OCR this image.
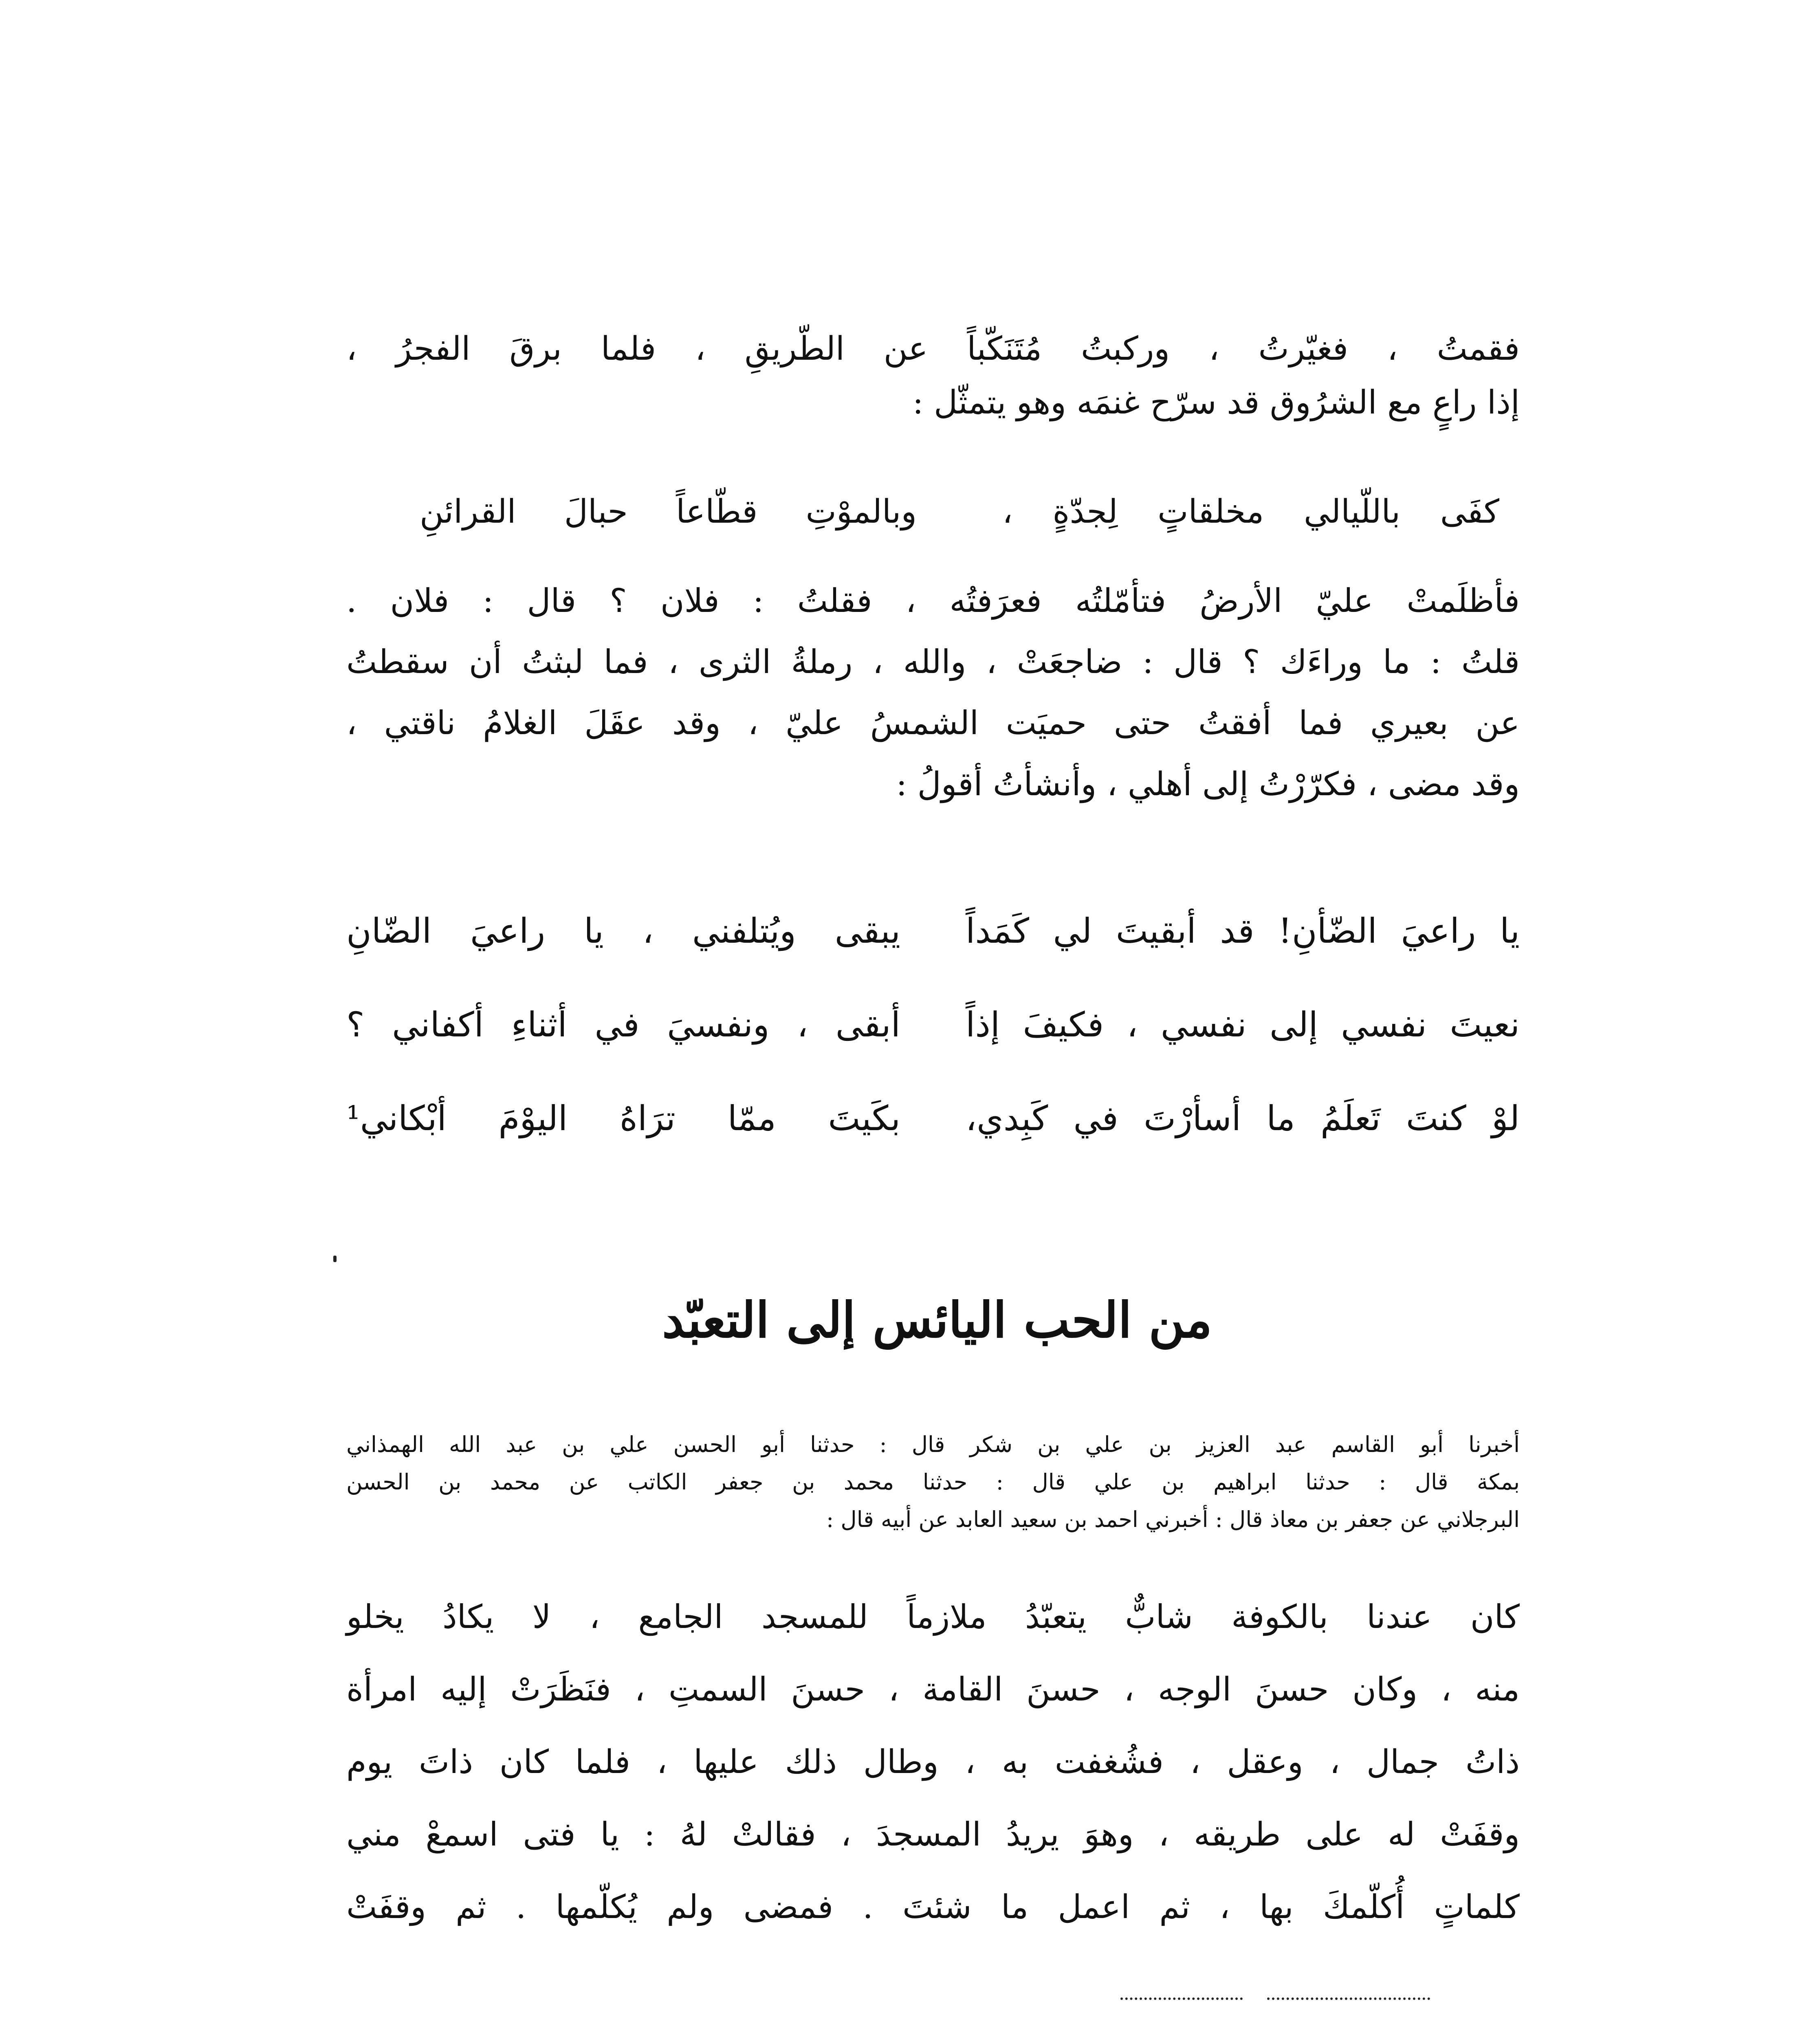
فقمتُ ، فغيّرتُ ، وركبتُ مُتَنَكّباً عن الطّريقِ ، فلما برقَ الفجرُ ،
إذا راعٍ مع الشرُوق قد سرّح غنمَه وهو يتمثّل :
كفَى باللّيالي مخلقاتٍ لِجدّةٍ ،
وبالموْتِ قطّاعاً حبالَ القرائنِ
فأظلَمتْ عليّ الأرضُ فتأمّلتُه فعرَفتُه ، فقلتُ : فلان ؟ قال : فلان .
قلتُ : ما وراءَك ؟ قال : ضاجعَتْ ، والله ، رملةُ الثرى ، فما لبثتُ أن سقطتُ
عن بعيري فما أفقتُ حتى حميَت الشمسُ عليّ ، وقد عقَلَ الغلامُ ناقتي ،
وقد مضى ، فكرّرْتُ إلى أهلي ، وأنشأتُ أقولُ :
يا راعيَ الضّأنِ! قد أبقيتَ لي كَمَداً
يبقى ويُتلفني ، يا راعيَ الضّانِ
نعيتَ نفسي إلى نفسي ، فكيفَ إذاً
أبقى ، ونفسيَ في أثناءِ أكفاني ؟
لوْ كنتَ تَعلَمُ ما أسأرْتَ في كَبِدي،
بكَيتَ ممّا ترَاهُ اليوْمَ أبْكاني¹
من الحب اليائس إلى التعبّد
أخبرنا أبو القاسم عبد العزيز بن علي بن شكر قال : حدثنا أبو الحسن علي بن عبد الله الهمذاني
بمكة قال : حدثنا ابراهيم بن علي قال : حدثنا محمد بن جعفر الكاتب عن محمد بن الحسن
البرجلاني عن جعفر بن معاذ قال : أخبرني احمد بن سعيد العابد عن أبيه قال :
كان عندنا بالكوفة شابٌّ يتعبّدُ ملازماً للمسجد الجامع ، لا يكادُ يخلو
منه ، وكان حسنَ الوجه ، حسنَ القامة ، حسنَ السمتِ ، فنَظَرَتْ إليه امرأة
ذاتُ جمال ، وعقل ، فشُغفت به ، وطال ذلك عليها ، فلما كان ذاتَ يوم
وقفَتْ له على طريقه ، وهوَ يريدُ المسجدَ ، فقالتْ لهُ : يا فتى اسمعْ مني
كلماتٍ أُكلّمكَ بها ، ثم اعمل ما شئتَ . فمضى ولم يُكلّمها . ثم وقفَتْ
